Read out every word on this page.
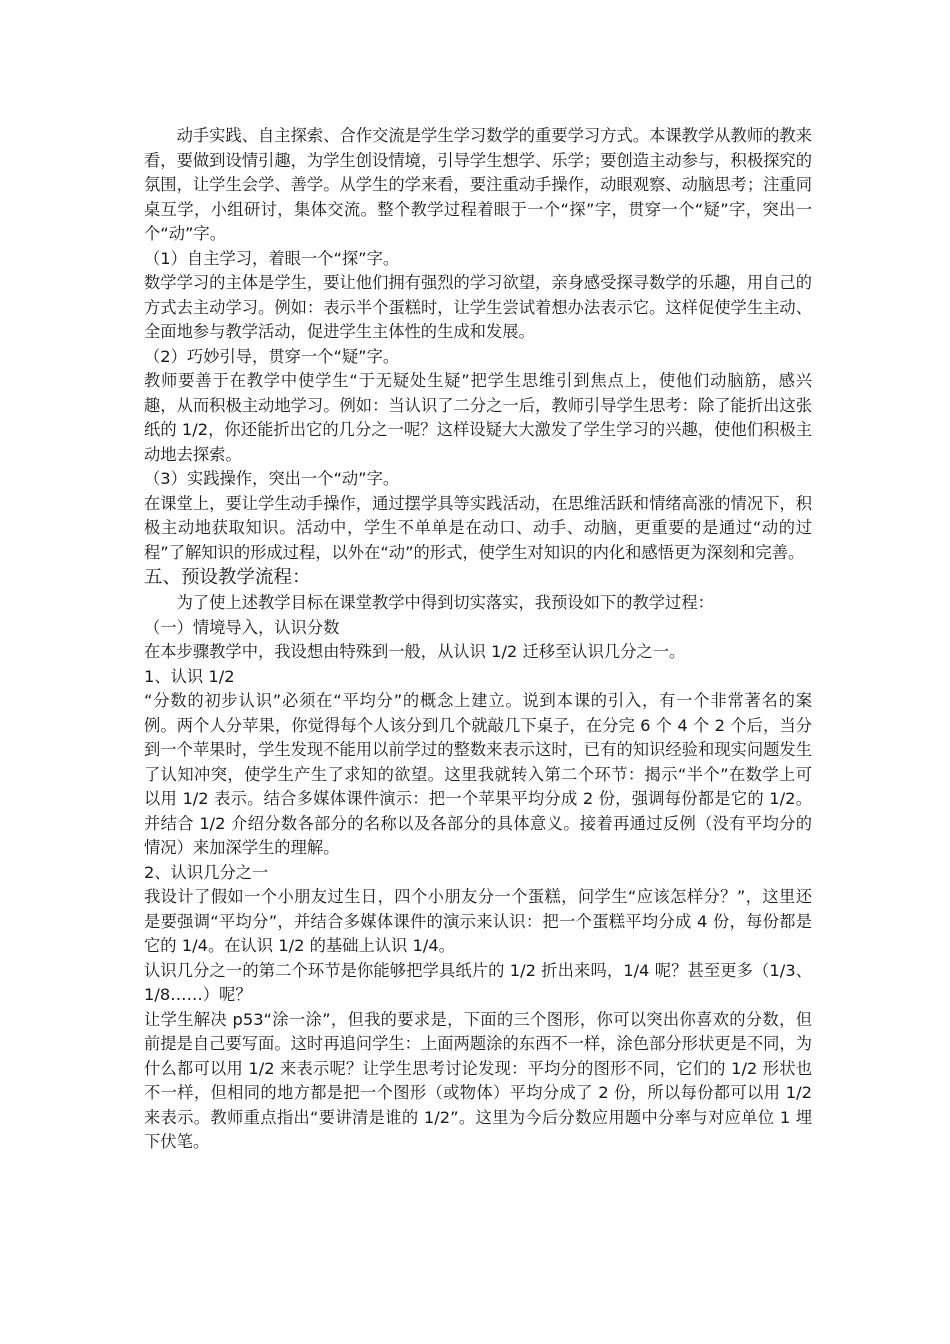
动手实践、自主探索、合作交流是学生学习数学的重要学习方式。本课教学从教师的教来看，要做到设情引趣，为学生创设情境，引导学生想学、乐学；要创造主动参与，积极探究的氛围，让学生会学、善学。从学生的学来看，要注重动手操作，动眼观察、动脑思考；注重同桌互学，小组研讨，集体交流。整个教学过程着眼于一个“探”字，贯穿一个“疑”字，突出一个“动”字。

（1）自主学习，着眼一个“探”字。

数学学习的主体是学生，要让他们拥有强烈的学习欲望，亲身感受探寻数学的乐趣，用自己的方式去主动学习。例如：表示半个蛋糕时，让学生尝试着想办法表示它。这样促使学生主动、全面地参与教学活动，促进学生主体性的生成和发展。

（2）巧妙引导，贯穿一个“疑”字。

教师要善于在教学中使学生“于无疑处生疑”把学生思维引到焦点上，使他们动脑筋，感兴趣，从而积极主动地学习。例如：当认识了二分之一后，教师引导学生思考：除了能折出这张纸的 1/2，你还能折出它的几分之一呢？这样设疑大大激发了学生学习的兴趣，使他们积极主动地去探索。

（3）实践操作，突出一个“动”字。

在课堂上，要让学生动手操作，通过摆学具等实践活动，在思维活跃和情绪高涨的情况下，积极主动地获取知识。活动中，学生不单单是在动口、动手、动脑，更重要的是通过“动的过程”了解知识的形成过程，以外在“动”的形式，使学生对知识的内化和感悟更为深刻和完善。

五、预设教学流程：

为了使上述教学目标在课堂教学中得到切实落实，我预设如下的教学过程：

（一）情境导入，认识分数

在本步骤教学中，我设想由特殊到一般，从认识 1/2 迁移至认识几分之一。

1、认识 1/2

“分数的初步认识”必须在“平均分”的概念上建立。说到本课的引入，有一个非常著名的案例。两个人分苹果，你觉得每个人该分到几个就敲几下桌子，在分完 6 个 4 个 2 个后，当分到一个苹果时，学生发现不能用以前学过的整数来表示这时，已有的知识经验和现实问题发生了认知冲突，使学生产生了求知的欲望。这里我就转入第二个环节：揭示“半个”在数学上可以用 1/2 表示。结合多媒体课件演示：把一个苹果平均分成 2 份，强调每份都是它的 1/2。并结合 1/2 介绍分数各部分的名称以及各部分的具体意义。接着再通过反例（没有平均分的情况）来加深学生的理解。

2、认识几分之一

我设计了假如一个小朋友过生日，四个小朋友分一个蛋糕，问学生“应该怎样分？”，这里还是要强调“平均分”，并结合多媒体课件的演示来认识：把一个蛋糕平均分成 4 份，每份都是它的 1/4。在认识 1/2 的基础上认识 1/4。

认识几分之一的第二个环节是你能够把学具纸片的 1/2 折出来吗，1/4 呢？甚至更多（1/3、1/8……）呢？

让学生解决 p53“涂一涂”，但我的要求是，下面的三个图形，你可以突出你喜欢的分数，但前提是自己要写面。这时再追问学生：上面两题涂的东西不一样，涂色部分形状更是不同，为什么都可以用 1/2 来表示呢？让学生思考讨论发现：平均分的图形不同，它们的 1/2 形状也不一样，但相同的地方都是把一个图形（或物体）平均分成了 2 份，所以每份都可以用 1/2 来表示。教师重点指出“要讲清是谁的 1/2”。这里为今后分数应用题中分率与对应单位 1 埋下伏笔。
